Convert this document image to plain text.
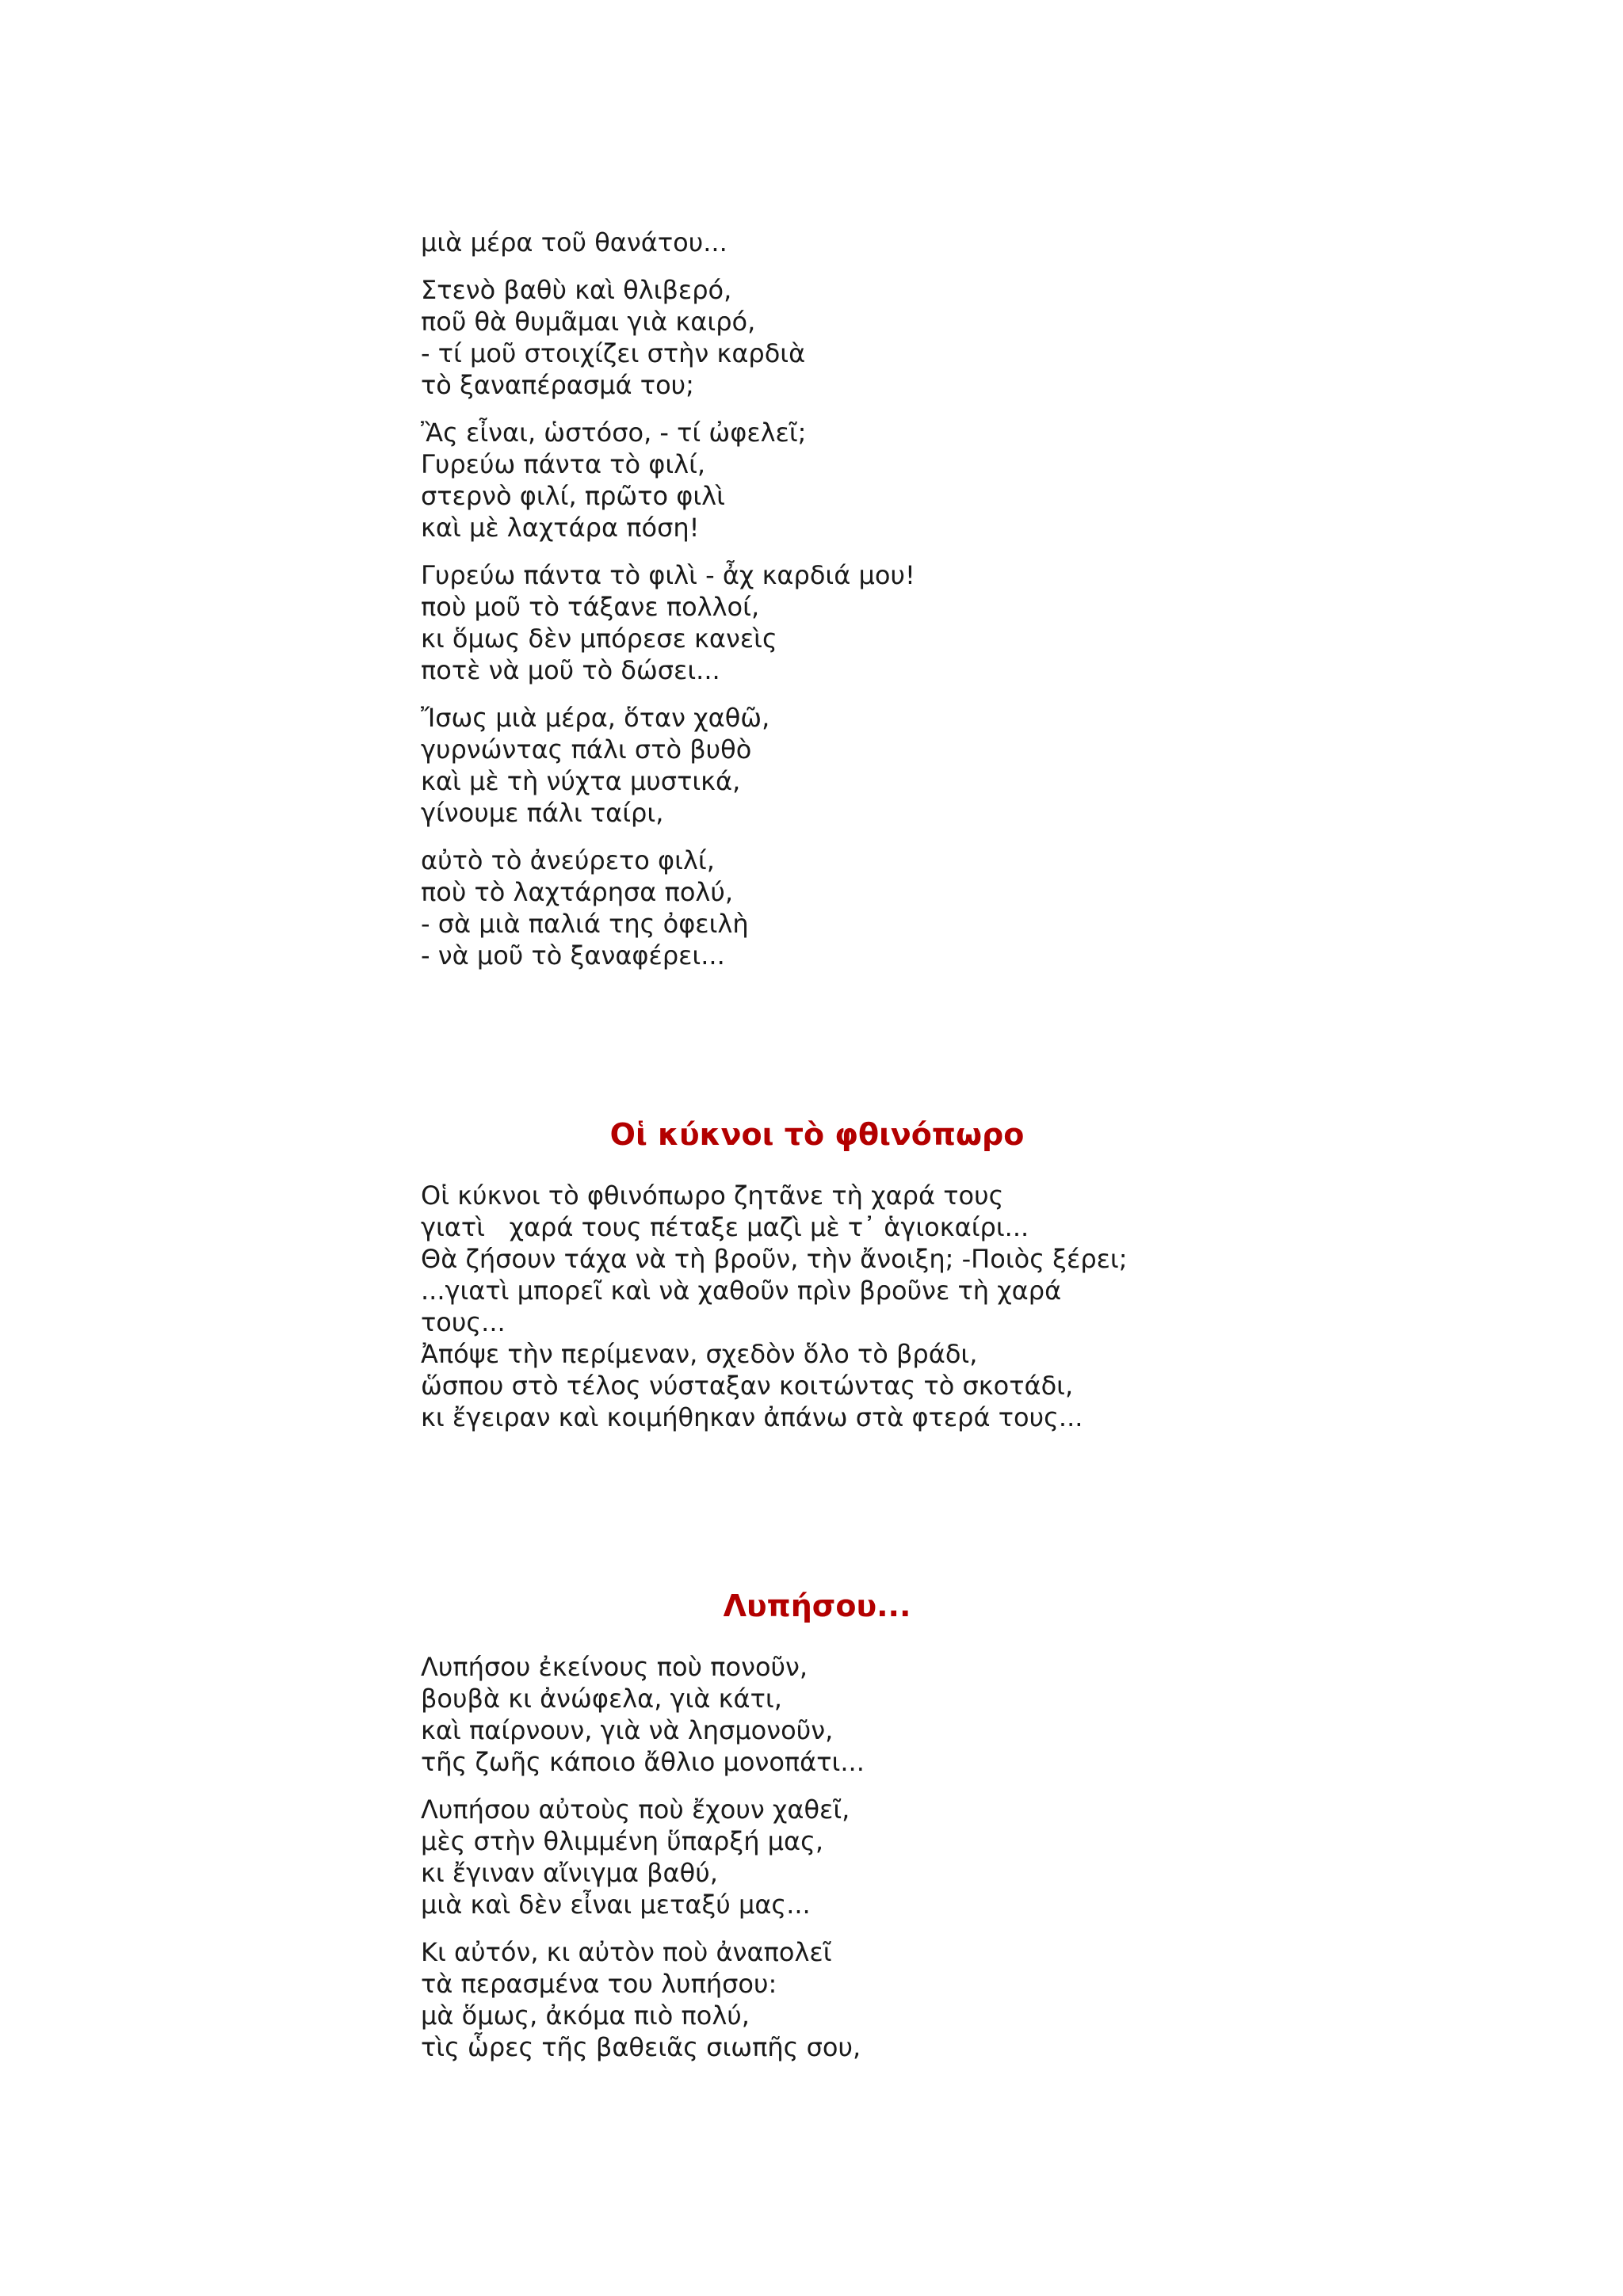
μιὰ μέρα τοῦ θανάτου...
Στενὸ βαθὺ καὶ θλιβερό,
ποῦ θὰ θυμᾶμαι γιὰ καιρό,
- τί μοῦ στοιχίζει στὴν καρδιὰ
τὸ ξαναπέρασμά του;
Ἂς εἶναι, ὡστόσο, - τί ὠφελεῖ;
Γυρεύω πάντα τὸ φιλί,
στερνὸ φιλί, πρῶτο φιλὶ
καὶ μὲ λαχτάρα πόση!
Γυρεύω πάντα τὸ φιλὶ - ἆχ καρδιά μου!
ποὺ μοῦ τὸ τάξανε πολλοί,
κι ὅμως δὲν μπόρεσε κανεὶς
ποτὲ νὰ μοῦ τὸ δώσει...
Ἴσως μιὰ μέρα, ὅταν χαθῶ,
γυρνώντας πάλι στὸ βυθὸ
καὶ μὲ τὴ νύχτα μυστικά,
γίνουμε πάλι ταίρι,
αὐτὸ τὸ ἀνεύρετο φιλί,
ποὺ τὸ λαχτάρησα πολύ,
- σὰ μιὰ παλιά της ὀφειλὴ
- νὰ μοῦ τὸ ξαναφέρει...
Οἱ κύκνοι τὸ φθινόπωρο
Οἱ κύκνοι τὸ φθινόπωρο ζητᾶνε τὴ χαρά τους
γιατὶ   χαρά τους πέταξε μαζὶ μὲ τ᾽ ἁγιοκαίρι...
Θὰ ζήσουν τάχα νὰ τὴ βροῦν, τὴν ἄνοιξη; -Ποιὸς ξέρει;
...γιατὶ μπορεῖ καὶ νὰ χαθοῦν πρὶν βροῦνε τὴ χαρά
τους...
Ἀπόψε τὴν περίμεναν, σχεδὸν ὅλο τὸ βράδι,
ὥσπου στὸ τέλος νύσταξαν κοιτώντας τὸ σκοτάδι,
κι ἔγειραν καὶ κοιμήθηκαν ἀπάνω στὰ φτερά τους...
Λυπήσου...
Λυπήσου ἐκείνους ποὺ πονοῦν,
βουβὰ κι ἀνώφελα, γιὰ κάτι,
καὶ παίρνουν, γιὰ νὰ λησμονοῦν,
τῆς ζωῆς κάποιο ἄθλιο μονοπάτι...
Λυπήσου αὐτοὺς ποὺ ἔχουν χαθεῖ,
μὲς στὴν θλιμμένη ὕπαρξή μας,
κι ἔγιναν αἴνιγμα βαθύ,
μιὰ καὶ δὲν εἶναι μεταξύ μας...
Κι αὐτόν, κι αὐτὸν ποὺ ἀναπολεῖ
τὰ περασμένα του λυπήσου:
μὰ ὅμως, ἀκόμα πιὸ πολύ,
τὶς ὧρες τῆς βαθειᾶς σιωπῆς σου,
